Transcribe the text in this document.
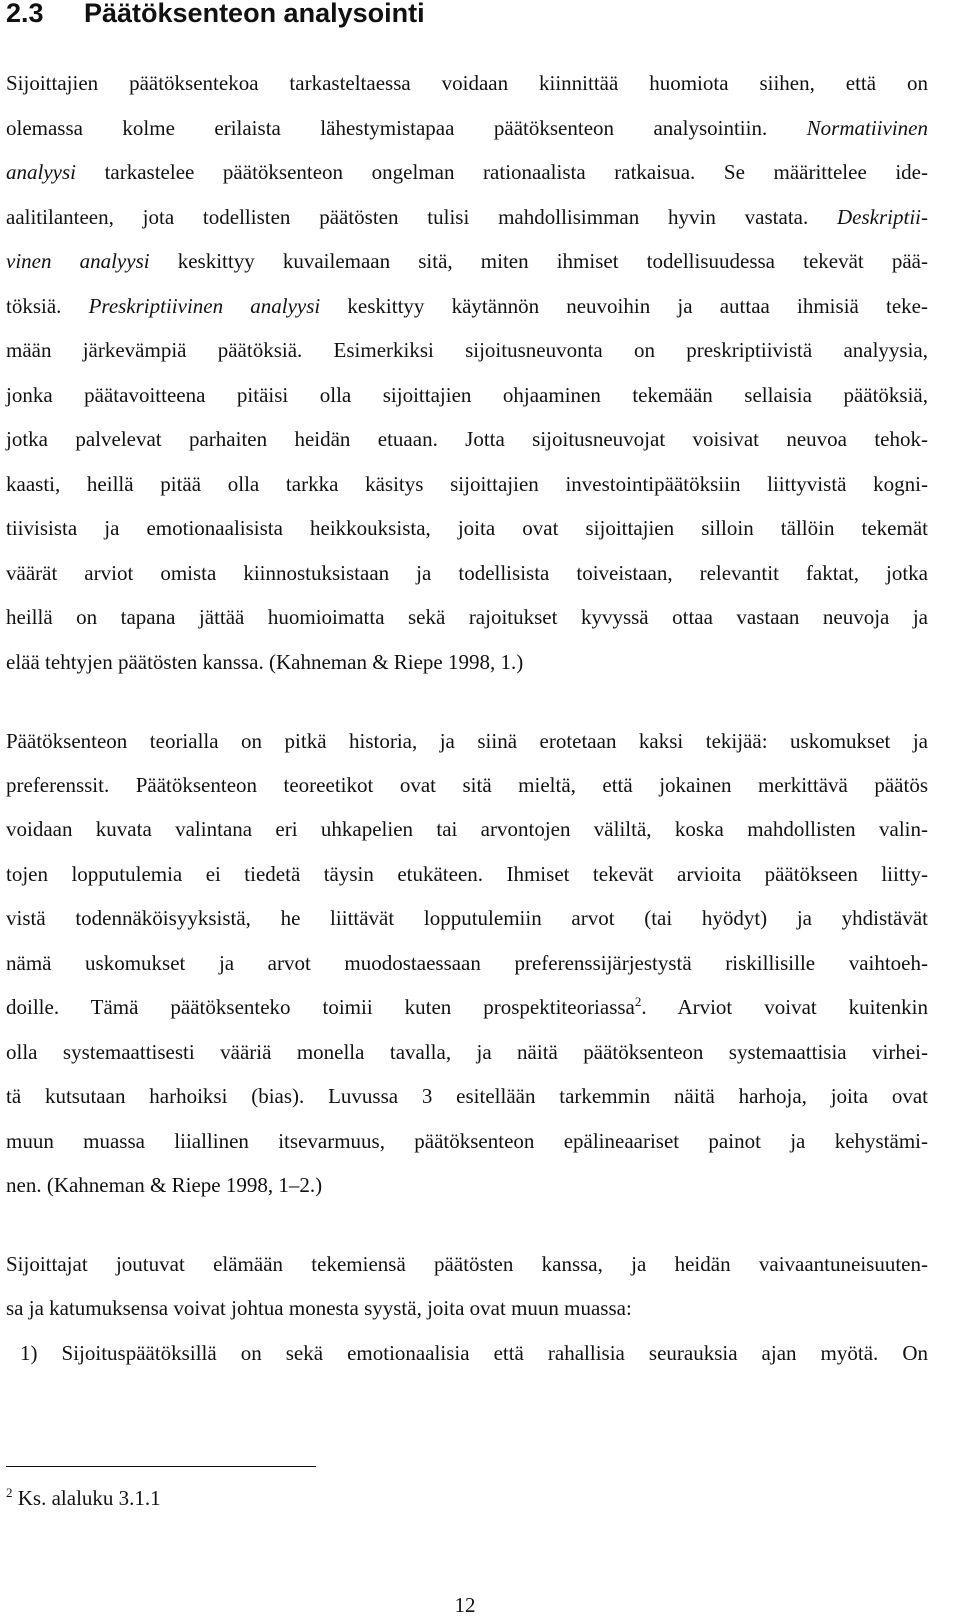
2.3 Päätöksenteon analysointi

Sijoittajien päätöksentekoa tarkasteltaessa voidaan kiinnittää huomiota siihen, että on

olemassa kolme erilaista lähestymistapaa päätöksenteon analysointiin. Normatiivinen

analyysi tarkastelee päätöksenteon ongelman rationaalista ratkaisua. Se määrittelee ide-

aalitilanteen, jota todellisten päätösten tulisi mahdollisimman hyvin vastata. Deskriptii-

vinen analyysi keskittyy kuvailemaan sitä, miten ihmiset todellisuudessa tekevät pää-

töksiä. Preskriptiivinen analyysi keskittyy käytännön neuvoihin ja auttaa ihmisiä teke-

mään järkevämpiä päätöksiä. Esimerkiksi sijoitusneuvonta on preskriptiivistä analyysia,

jonka päätavoitteena pitäisi olla sijoittajien ohjaaminen tekemään sellaisia päätöksiä,

jotka palvelevat parhaiten heidän etuaan. Jotta sijoitusneuvojat voisivat neuvoa tehok-

kaasti, heillä pitää olla tarkka käsitys sijoittajien investointipäätöksiin liittyvistä kogni-

tiivisista ja emotionaalisista heikkouksista, joita ovat sijoittajien silloin tällöin tekemät

väärät arviot omista kiinnostuksistaan ja todellisista toiveistaan, relevantit faktat, jotka

heillä on tapana jättää huomioimatta sekä rajoitukset kyvyssä ottaa vastaan neuvoja ja

elää tehtyjen päätösten kanssa. (Kahneman & Riepe 1998, 1.)

Päätöksenteon teorialla on pitkä historia, ja siinä erotetaan kaksi tekijää: uskomukset ja

preferenssit. Päätöksenteon teoreetikot ovat sitä mieltä, että jokainen merkittävä päätös

voidaan kuvata valintana eri uhkapelien tai arvontojen väliltä, koska mahdollisten valin-

tojen lopputulemia ei tiedetä täysin etukäteen. Ihmiset tekevät arvioita päätökseen liitty-

vistä todennäköisyyksistä, he liittävät lopputulemiin arvot (tai hyödyt) ja yhdistävät

nämä uskomukset ja arvot muodostaessaan preferenssijärjestystä riskillisille vaihtoeh-

doille. Tämä päätöksenteko toimii kuten prospektiteoriassa$^2$. Arviot voivat kuitenkin

olla systemaattisesti vääriä monella tavalla, ja näitä päätöksenteon systemaattisia virhei-

tä kutsutaan harhoiksi (bias). Luvussa 3 esitellään tarkemmin näitä harhoja, joita ovat

muun muassa liiallinen itsevarmuus, päätöksenteon epälineaariset painot ja kehystämi-

nen. (Kahneman & Riepe 1998, 1–2.)

Sijoittajat joutuvat elämään tekemiensä päätösten kanssa, ja heidän vaivaantuneisuuten-

sa ja katumuksensa voivat johtua monesta syystä, joita ovat muun muassa:

1) Sijoituspäätöksillä on sekä emotionaalisia että rahallisia seurauksia ajan myötä. On

$^2$ Ks. alaluku 3.1.1

12
